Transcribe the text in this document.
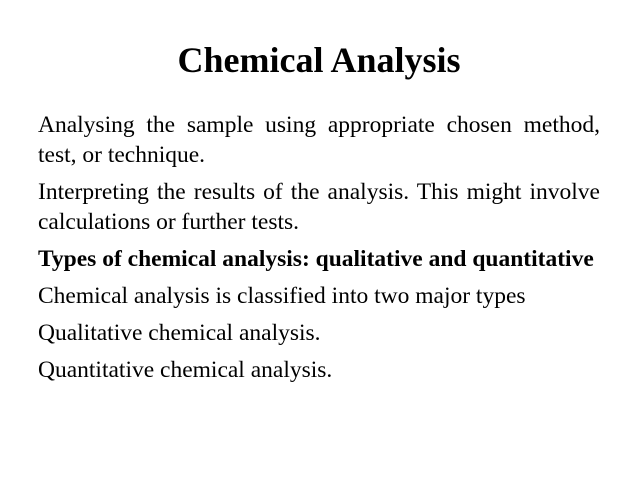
Chemical Analysis

Analysing the sample using appropriate chosen method, test, or technique.

Interpreting the results of the analysis. This might involve calculations or further tests.

Types of chemical analysis: qualitative and quantitative

Chemical analysis is classified into two major types

Qualitative chemical analysis.

Quantitative chemical analysis.
